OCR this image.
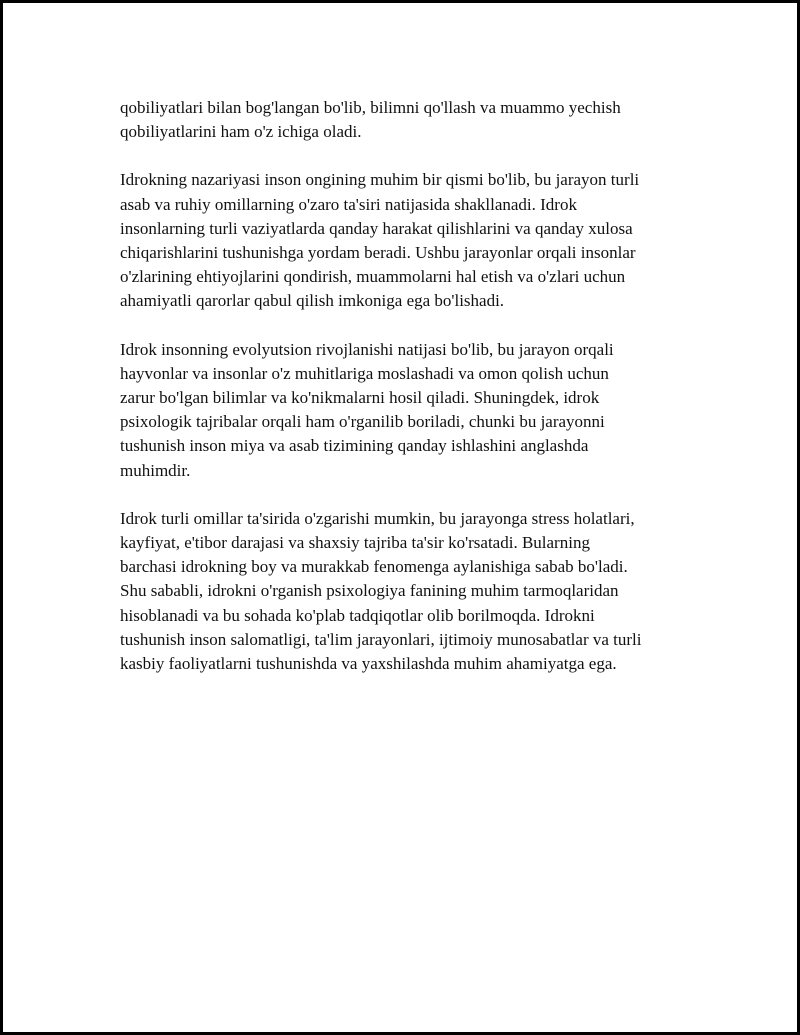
qobiliyatlari bilan bog'langan bo'lib, bilimni qo'llash va muammo yechish
qobiliyatlarini ham o'z ichiga oladi.

Idrokning nazariyasi inson ongining muhim bir qismi bo'lib, bu jarayon turli
asab va ruhiy omillarning o'zaro ta'siri natijasida shakllanadi. Idrok
insonlarning turli vaziyatlarda qanday harakat qilishlarini va qanday xulosa
chiqarishlarini tushunishga yordam beradi. Ushbu jarayonlar orqali insonlar
o'zlarining ehtiyojlarini qondirish, muammolarni hal etish va o'zlari uchun
ahamiyatli qarorlar qabul qilish imkoniga ega bo'lishadi.

Idrok insonning evolyutsion rivojlanishi natijasi bo'lib, bu jarayon orqali
hayvonlar va insonlar o'z muhitlariga moslashadi va omon qolish uchun
zarur bo'lgan bilimlar va ko'nikmalarni hosil qiladi. Shuningdek, idrok
psixologik tajribalar orqali ham o'rganilib boriladi, chunki bu jarayonni
tushunish inson miya va asab tizimining qanday ishlashini anglashda
muhimdir.

Idrok turli omillar ta'sirida o'zgarishi mumkin, bu jarayonga stress holatlari,
kayfiyat, e'tibor darajasi va shaxsiy tajriba ta'sir ko'rsatadi. Bularning
barchasi idrokning boy va murakkab fenomenga aylanishiga sabab bo'ladi.
Shu sababli, idrokni o'rganish psixologiya fanining muhim tarmoqlaridan
hisoblanadi va bu sohada ko'plab tadqiqotlar olib borilmoqda. Idrokni
tushunish inson salomatligi, ta'lim jarayonlari, ijtimoiy munosabatlar va turli
kasbiy faoliyatlarni tushunishda va yaxshilashda muhim ahamiyatga ega.
